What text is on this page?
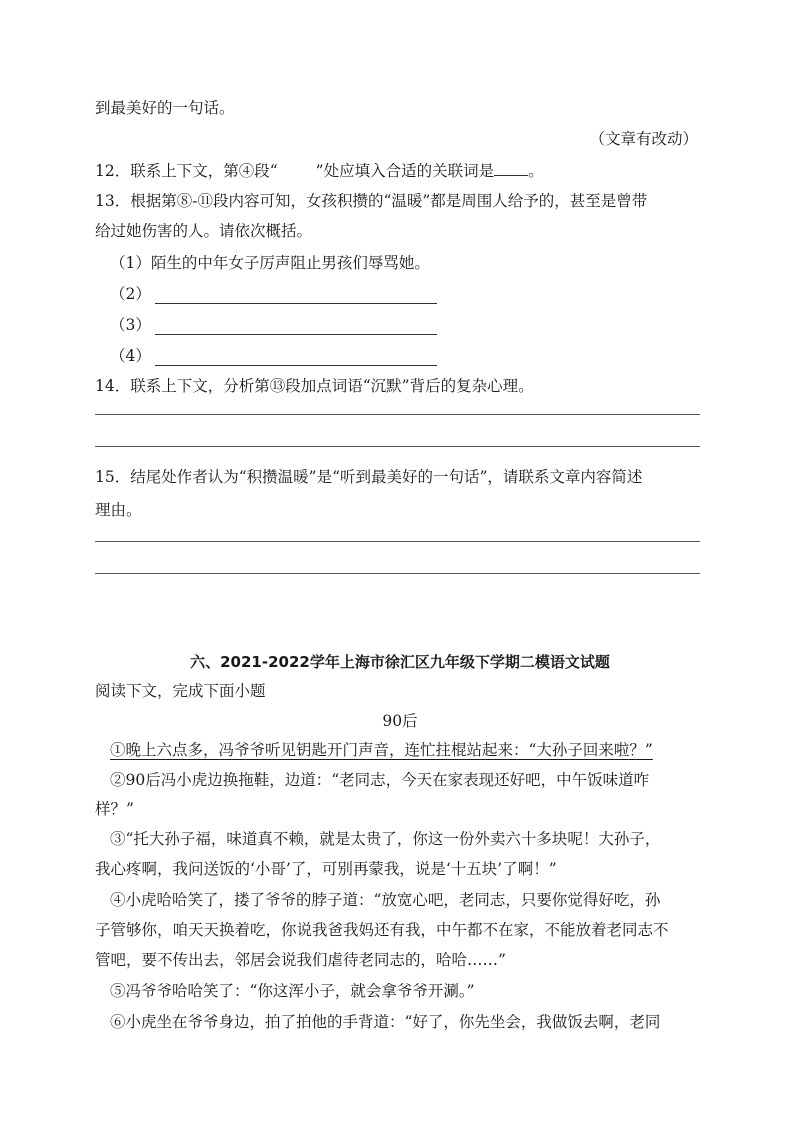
到最美好的一句话。
（文章有改动）
12．联系上下文，第④段“ ”处应填入合适的关联词是 。
13．根据第⑧-⑪段内容可知，女孩积攒的“温暖”都是周围人给予的，甚至是曾带
给过她伤害的人。请依次概括。
（1）陌生的中年女子厉声阻止男孩们辱骂她。
（2）
（3）
（4）
14．联系上下文，分析第⑬段加点词语“沉默”背后的复杂心理。
15．结尾处作者认为“积攒温暖”是“听到最美好的一句话”，请联系文章内容简述
理由。
六、2021-2022学年上海市徐汇区九年级下学期二模语文试题
阅读下文，完成下面小题
90后
①晚上六点多，冯爷爷听见钥匙开门声音，连忙拄棍站起来：“大孙子回来啦？”
②90后冯小虎边换拖鞋，边道：“老同志，今天在家表现还好吧，中午饭味道咋
样？”
③“托大孙子福，味道真不赖，就是太贵了，你这一份外卖六十多块呢！大孙子，
我心疼啊，我问送饭的‘小哥’了，可别再蒙我，说是‘十五块’了啊！”
④小虎哈哈笑了，搂了爷爷的脖子道：“放宽心吧，老同志，只要你觉得好吃，孙
子管够你，咱天天换着吃，你说我爸我妈还有我，中午都不在家，不能放着老同志不
管吧，要不传出去，邻居会说我们虐待老同志的，哈哈……”
⑤冯爷爷哈哈笑了：“你这浑小子，就会拿爷爷开涮。”
⑥小虎坐在爷爷身边，拍了拍他的手背道：“好了，你先坐会，我做饭去啊，老同
